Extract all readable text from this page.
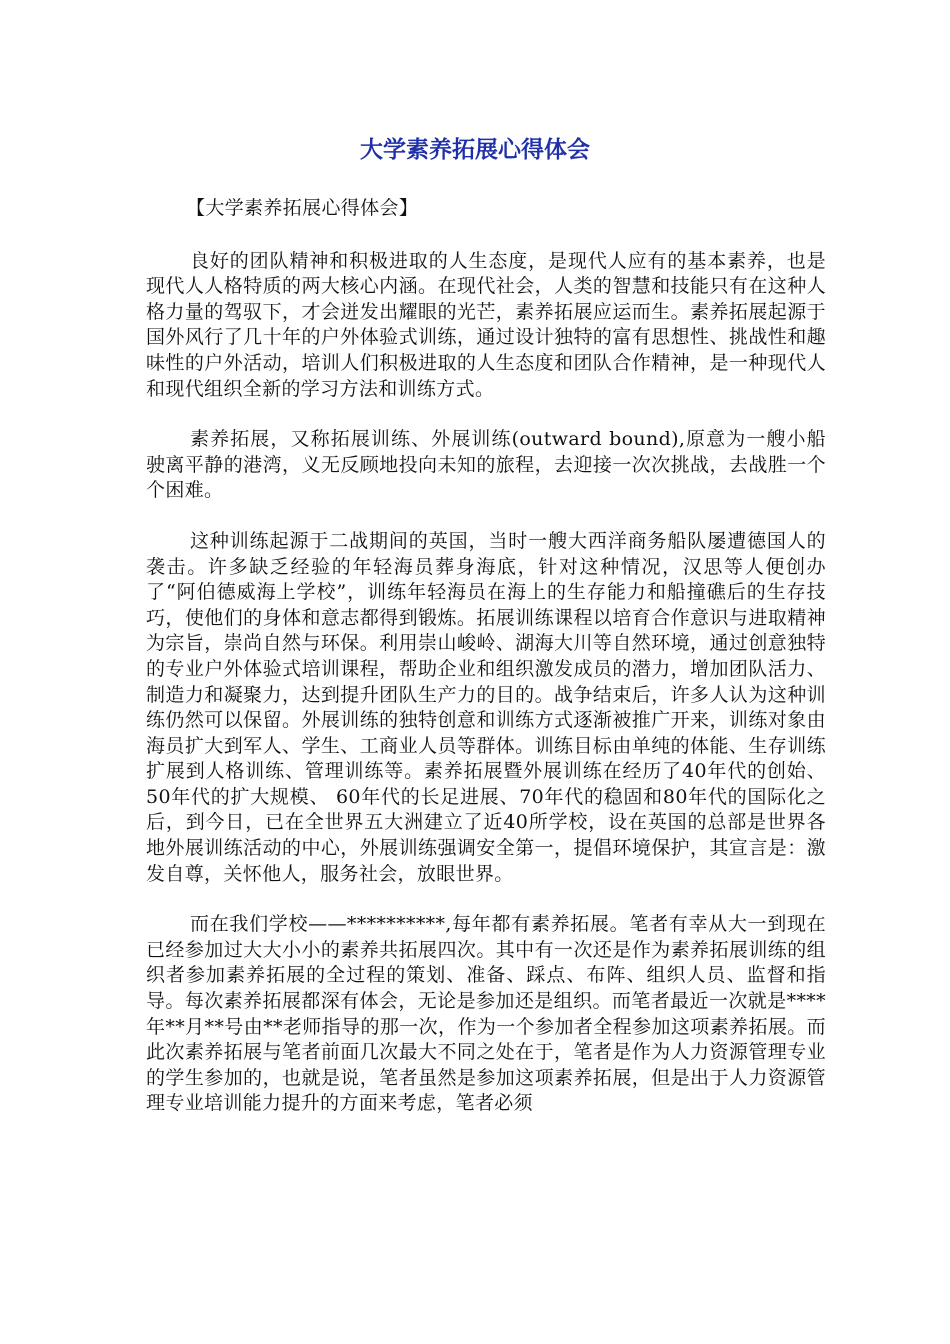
大学素养拓展心得体会

【大学素养拓展心得体会】

良好的团队精神和积极进取的人生态度，是现代人应有的基本素养，也是现代人人格特质的两大核心内涵。在现代社会，人类的智慧和技能只有在这种人格力量的驾驭下，才会迸发出耀眼的光芒，素养拓展应运而生。素养拓展起源于国外风行了几十年的户外体验式训练，通过设计独特的富有思想性、挑战性和趣味性的户外活动，培训人们积极进取的人生态度和团队合作精神，是一种现代人和现代组织全新的学习方法和训练方式。

素养拓展，又称拓展训练、外展训练(outward bound),原意为一艘小船驶离平静的港湾，义无反顾地投向未知的旅程，去迎接一次次挑战，去战胜一个个困难。

这种训练起源于二战期间的英国，当时一艘大西洋商务船队屡遭德国人的袭击。许多缺乏经验的年轻海员葬身海底，针对这种情况，汉思等人便创办了“阿伯德威海上学校”，训练年轻海员在海上的生存能力和船撞礁后的生存技巧，使他们的身体和意志都得到锻炼。拓展训练课程以培育合作意识与进取精神为宗旨，崇尚自然与环保。利用崇山峻岭、湖海大川等自然环境，通过创意独特的专业户外体验式培训课程，帮助企业和组织激发成员的潜力，增加团队活力、制造力和凝聚力，达到提升团队生产力的目的。战争结束后，许多人认为这种训练仍然可以保留。外展训练的独特创意和训练方式逐渐被推广开来，训练对象由海员扩大到军人、学生、工商业人员等群体。训练目标由单纯的体能、生存训练扩展到人格训练、管理训练等。素养拓展暨外展训练在经历了40年代的创始、50年代的扩大规模、 60年代的长足进展、70年代的稳固和80年代的国际化之后，到今日，已在全世界五大洲建立了近40所学校，设在英国的总部是世界各地外展训练活动的中心，外展训练强调安全第一，提倡环境保护，其宣言是：激发自尊，关怀他人，服务社会，放眼世界。

而在我们学校——**********,每年都有素养拓展。笔者有幸从大一到现在已经参加过大大小小的素养共拓展四次。其中有一次还是作为素养拓展训练的组织者参加素养拓展的全过程的策划、准备、踩点、布阵、组织人员、监督和指导。每次素养拓展都深有体会，无论是参加还是组织。而笔者最近一次就是****年**月**号由**老师指导的那一次，作为一个参加者全程参加这项素养拓展。而此次素养拓展与笔者前面几次最大不同之处在于，笔者是作为人力资源管理专业的学生参加的，也就是说，笔者虽然是参加这项素养拓展，但是出于人力资源管理专业培训能力提升的方面来考虑，笔者必须
